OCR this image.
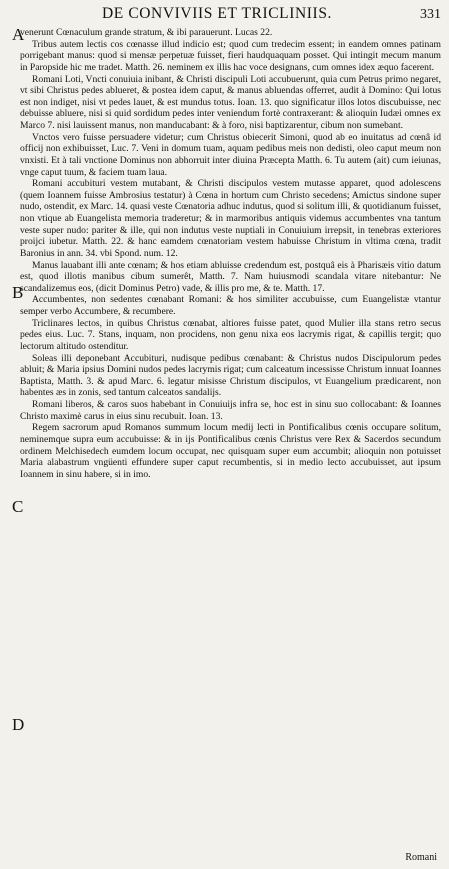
DE CONVIVIIS ET TRICLINIIS.	331
A
B
C
D

venerunt Cœnaculum grande stratum, & ibi parauerunt. Lucas 22.

Tribus autem lectis cos cœnasse illud indicio est; quod cum tredecim essent; in eandem omnes patinam porrigebant manus: quod si mensæ perpetuæ fuisset, fieri haudquaquam posset. Qui intingit mecum manum in Paropside hic me tradet. Matth. 26. neminem ex illis hac voce designans, cum omnes idex æquo facerent.

Romani Loti, Vncti conuiuia inibant, & Christi discipuli Loti accubuerunt, quia cum Petrus primo negaret, vt sibi Christus pedes ablueret, & postea idem caput, & manus abluendas offerret, audit à Domino: Qui lotus est non indiget, nisi vt pedes lauet, & est mundus totus. Ioan. 13. quo significatur illos lotos discubuisse, nec debuisse abluere, nisi si quid sordidum pedes inter veniendum fortè contraxerant: & alioquin Iudæi omnes ex Marco 7. nisi lauissent manus, non manducabant: & à foro, nisi baptizarentur, cibum non sumebant.

Vnctos vero fuisse persuadere videtur; cum Christus obiecerit Simoni, quod ab eo inuitatus ad cœnâ id officij non exhibuisset, Luc. 7. Veni in domum tuam, aquam pedibus meis non dedisti, oleo caput meum non vnxisti. Et à tali vnctione Dominus non abhorruit inter diuina Præcepta Matth. 6. Tu autem (ait) cum ieiunas, vnge caput tuum, & faciem tuam laua.

Romani accubituri vestem mutabant, & Christi discipulos vestem mutasse apparet, quod adolescens (quem Ioannem fuisse Ambrosius testatur) à Cœna in hortum cum Christo secedens; Amictus sindone super nudo, ostendit, ex Marc. 14. quasi veste Cœnatoria adhuc indutus, quod si solitum illi, & quotidianum fuisset, non vtique ab Euangelista memoria traderetur; & in marmoribus antiquis videmus accumbentes vna tantum veste super nudo: pariter & ille, qui non indutus veste nuptiali in Conuiuium irrepsit, in tenebras exteriores proijci iubetur. Matth. 22. & hanc eamdem cœnatoriam vestem habuisse Christum in vltima cœna, tradit Baronius in ann. 34. vbi Spond. num. 12.

Manus lauabant illi ante cœnam; & hos etiam abluisse credendum est, postquâ eis à Pharisæis vitio datum est, quod illotis manibus cibum sumerêt, Matth. 7. Nam huiusmodi scandala vitare nitebantur: Ne scandalizemus eos, (dicit Dominus Petro) vade, & illis pro me, & te. Matth. 17.

Accumbentes, non sedentes cœnabant Romani: & hos similiter accubuisse, cum Euangelistæ vtantur semper verbo Accumbere, & recumbere.

Triclinares lectos, in quibus Christus cœnabat, altiores fuisse patet, quod Mulier illa stans retro secus pedes eius. Luc. 7. Stans, inquam, non procidens, non genu nixa eos lacrymis rigat, & capillis tergit; quo lectorum altitudo ostenditur.

Soleas illi deponebant Accubituri, nudisque pedibus cœnabant: & Christus nudos Discipulorum pedes abluit; & Maria ipsius Domini nudos pedes lacrymis rigat; cum calceatum incessisse Christum innuat Ioannes Baptista, Matth. 3. & apud Marc. 6. legatur misisse Christum discipulos, vt Euangelium prædicarent, non habentes æs in zonis, sed tantum calceatos sandalijs.

Romani liberos, & caros suos habebant in Conuiuijs infra se, hoc est in sinu suo collocabant: & Ioannes Christo maximè carus in eius sinu recubuit. Ioan. 13.

Regem sacrorum apud Romanos summum locum medij lecti in Pontificalibus cœnis occupare solitum, neminemque supra eum accubuisse: & in ijs Pontificalibus cœnis Christus vere Rex & Sacerdos secundum ordinem Melchisedech eumdem locum occupat, nec quisquam super eum accumbit; alioquin non potuisset Maria alabastrum vngüenti effundere super caput recumbentis, si in medio lecto accubuisset, aut ipsum Ioannem in sinu habere, si in imo.

Romani
